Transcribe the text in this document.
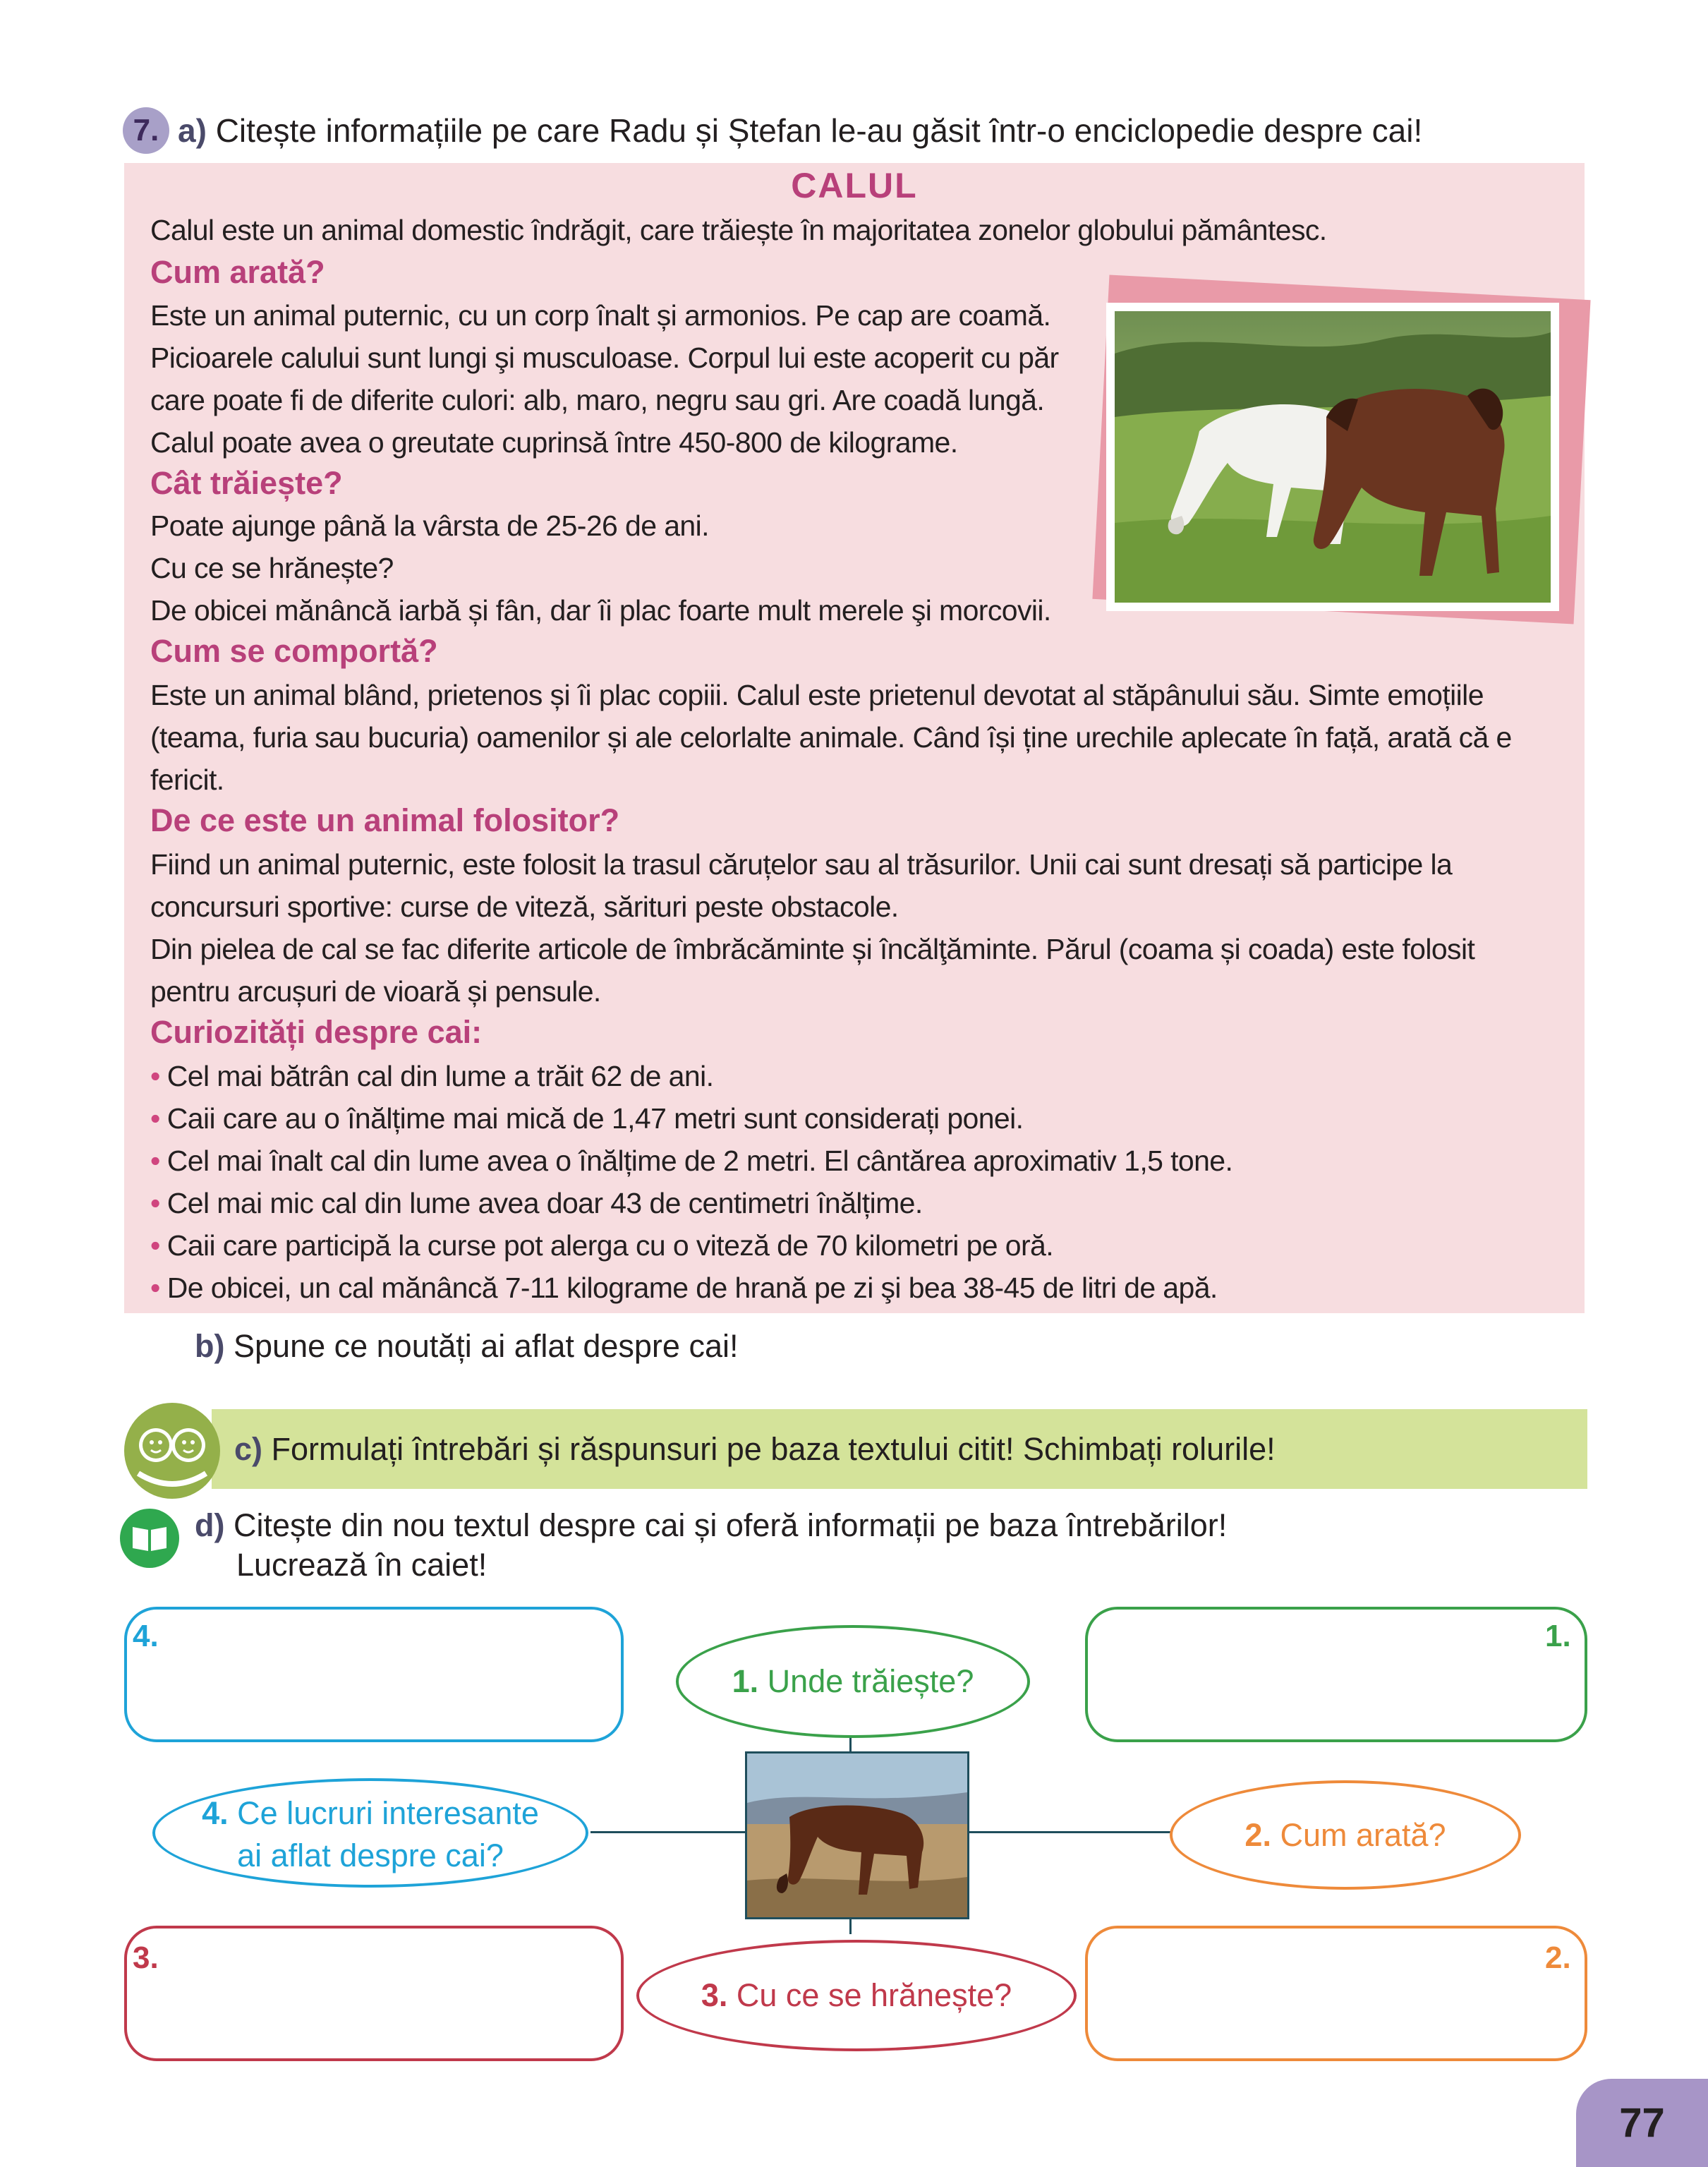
7. a) Citește informațiile pe care Radu și Ștefan le-au găsit într-o enciclopedie despre cai!
CALUL
Calul este un animal domestic îndrăgit, care trăiește în majoritatea zonelor globului pământesc.
Cum arată?
Este un animal puternic, cu un corp înalt și armonios. Pe cap are coamă.
Picioarele calului sunt lungi şi musculoase. Corpul lui este acoperit cu păr
care poate fi de diferite culori: alb, maro, negru sau gri. Are coadă lungă.
Calul poate avea o greutate cuprinsă între 450-800 de kilograme.
Cât trăiește?
Poate ajunge până la vârsta de 25-26 de ani.
Cu ce se hrănește?
De obicei mănâncă iarbă și fân, dar îi plac foarte mult merele şi morcovii.
Cum se comportă?
Este un animal blând, prietenos și îi plac copiii. Calul este prietenul devotat al stăpânului său. Simte emoțiile
(teama, furia sau bucuria) oamenilor și ale celorlalte animale. Când își ține urechile aplecate în față, arată că e
fericit.
De ce este un animal folositor?
Fiind un animal puternic, este folosit la trasul căruțelor sau al trăsurilor. Unii cai sunt dresați să participe la
concursuri sportive: curse de viteză, sărituri peste obstacole.
Din pielea de cal se fac diferite articole de îmbrăcăminte și încălţăminte. Părul (coama și coada) este folosit
pentru arcușuri de vioară și pensule.
Curiozități despre cai:
• Cel mai bătrân cal din lume a trăit 62 de ani.
• Caii care au o înălțime mai mică de 1,47 metri sunt considerați ponei.
• Cel mai înalt cal din lume avea o înălțime de 2 metri. El cântărea aproximativ 1,5 tone.
• Cel mai mic cal din lume avea doar 43 de centimetri înălțime.
• Caii care participă la curse pot alerga cu o viteză de 70 kilometri pe oră.
• De obicei, un cal mănâncă 7-11 kilograme de hrană pe zi şi bea 38-45 de litri de apă.
b) Spune ce noutăți ai aflat despre cai!
c) Formulați întrebări și răspunsuri pe baza textului citit! Schimbați rolurile!
d) Citește din nou textul despre cai și oferă informații pe baza întrebărilor!
Lucrează în caiet!
4.	1.
3.	2.
1. Unde trăiește?
4. Ce lucruri interesante
ai aflat despre cai?
2. Cum arată?
3. Cu ce se hrănește?
77
